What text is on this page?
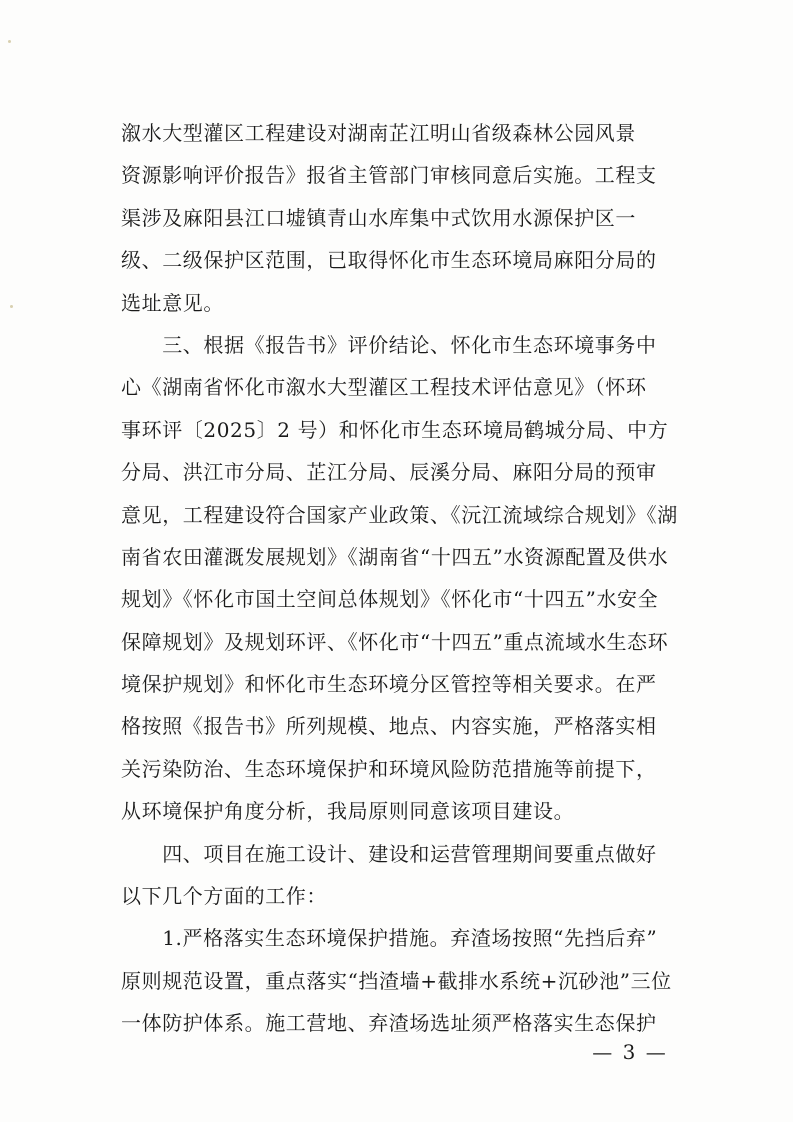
溆水大型灌区工程建设对湖南芷江明山省级森林公园风景
资源影响评价报告》报省主管部门审核同意后实施。工程支
渠涉及麻阳县江口墟镇青山水库集中式饮用水源保护区一
级、二级保护区范围，已取得怀化市生态环境局麻阳分局的
选址意见。
　　三、根据《报告书》评价结论、怀化市生态环境事务中
心《湖南省怀化市溆水大型灌区工程技术评估意见》（怀环
事环评〔2025〕2 号）和怀化市生态环境局鹤城分局、中方
分局、洪江市分局、芷江分局、辰溪分局、麻阳分局的预审
意见，工程建设符合国家产业政策、《沅江流域综合规划》《湖
南省农田灌溉发展规划》《湖南省“十四五”水资源配置及供水
规划》《怀化市国土空间总体规划》《怀化市“十四五”水安全
保障规划》及规划环评、《怀化市“十四五”重点流域水生态环
境保护规划》和怀化市生态环境分区管控等相关要求。在严
格按照《报告书》所列规模、地点、内容实施，严格落实相
关污染防治、生态环境保护和环境风险防范措施等前提下，
从环境保护角度分析，我局原则同意该项目建设。
　　四、项目在施工设计、建设和运营管理期间要重点做好
以下几个方面的工作：
　　1.严格落实生态环境保护措施。弃渣场按照“先挡后弃”
原则规范设置，重点落实“挡渣墙+截排水系统+沉砂池”三位
一体防护体系。施工营地、弃渣场选址须严格落实生态保护
— 3 —
